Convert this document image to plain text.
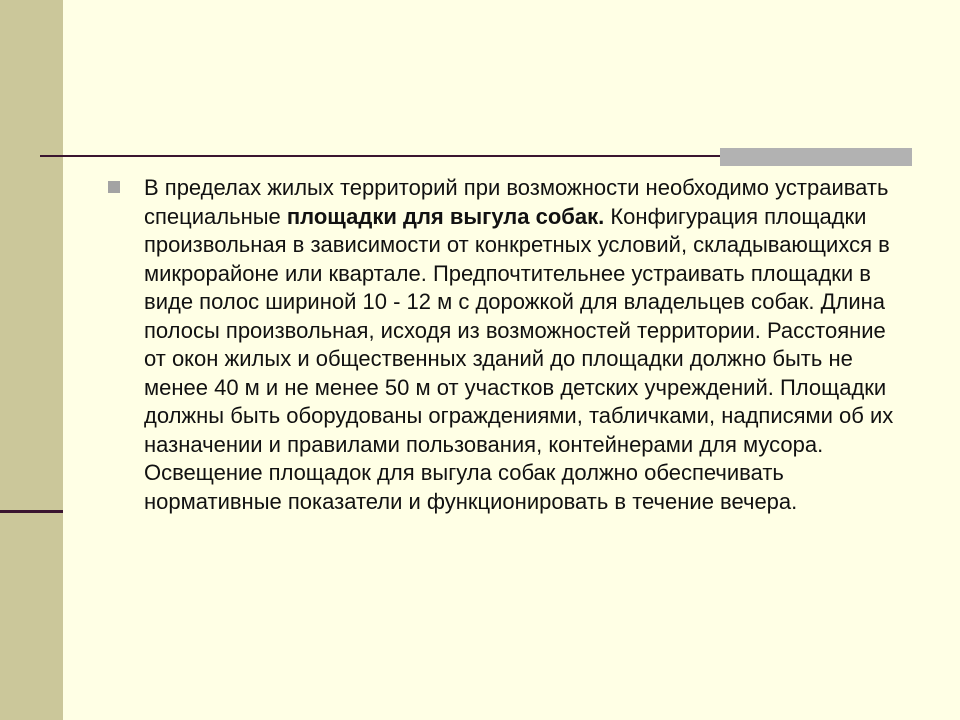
В пределах жилых территорий при возможности необходимо устраивать специальные площадки для выгула собак. Конфигурация площадки произвольная в зависимости от конкретных условий, складывающихся в микрорайоне или квартале. Предпочтительнее устраивать площадки в виде полос шириной 10 - 12 м с дорожкой для владельцев собак. Длина полосы произвольная, исходя из возможностей территории. Расстояние от окон жилых и общественных зданий до площадки должно быть не менее 40 м и не менее 50 м от участков детских учреждений. Площадки должны быть оборудованы ограждениями, табличками, надписями об их назначении и правилами пользования, контейнерами для мусора. Освещение площадок для выгула собак должно обеспечивать нормативные показатели и функционировать в течение вечера.
